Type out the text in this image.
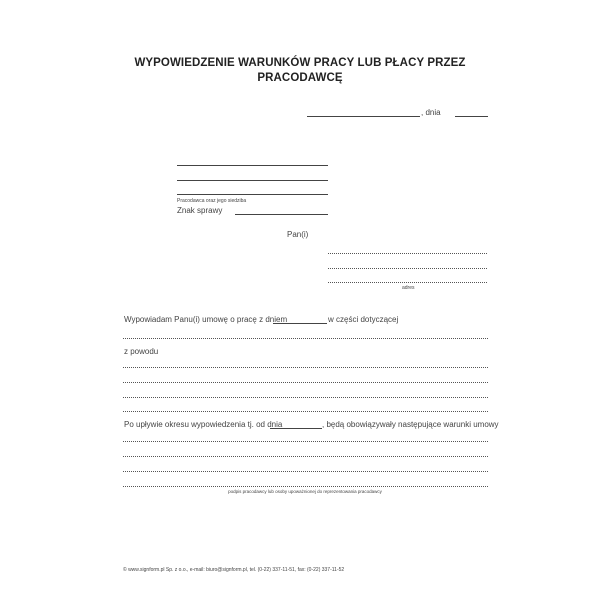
WYPOWIEDZENIE WARUNKÓW PRACY LUB PŁACY PRZEZ
PRACODAWCĘ
, dnia
Pracodawca oraz jego siedziba
Znak sprawy
Pan(i)
adres
Wypowiadam Panu(i) umowę o pracę z dniem	w części dotyczącej
z powodu
Po upływie okresu wypowiedzenia tj. od dnia	, będą obowiązywały następujące warunki umowy
podpis pracodawcy lub osoby upoważnionej do reprezentowania pracodawcy
© www.signform.pl Sp. z o.o., e-mail: biuro@signform.pl, tel. (0-22) 337-11-51, fax: (0-22) 337-11-52
